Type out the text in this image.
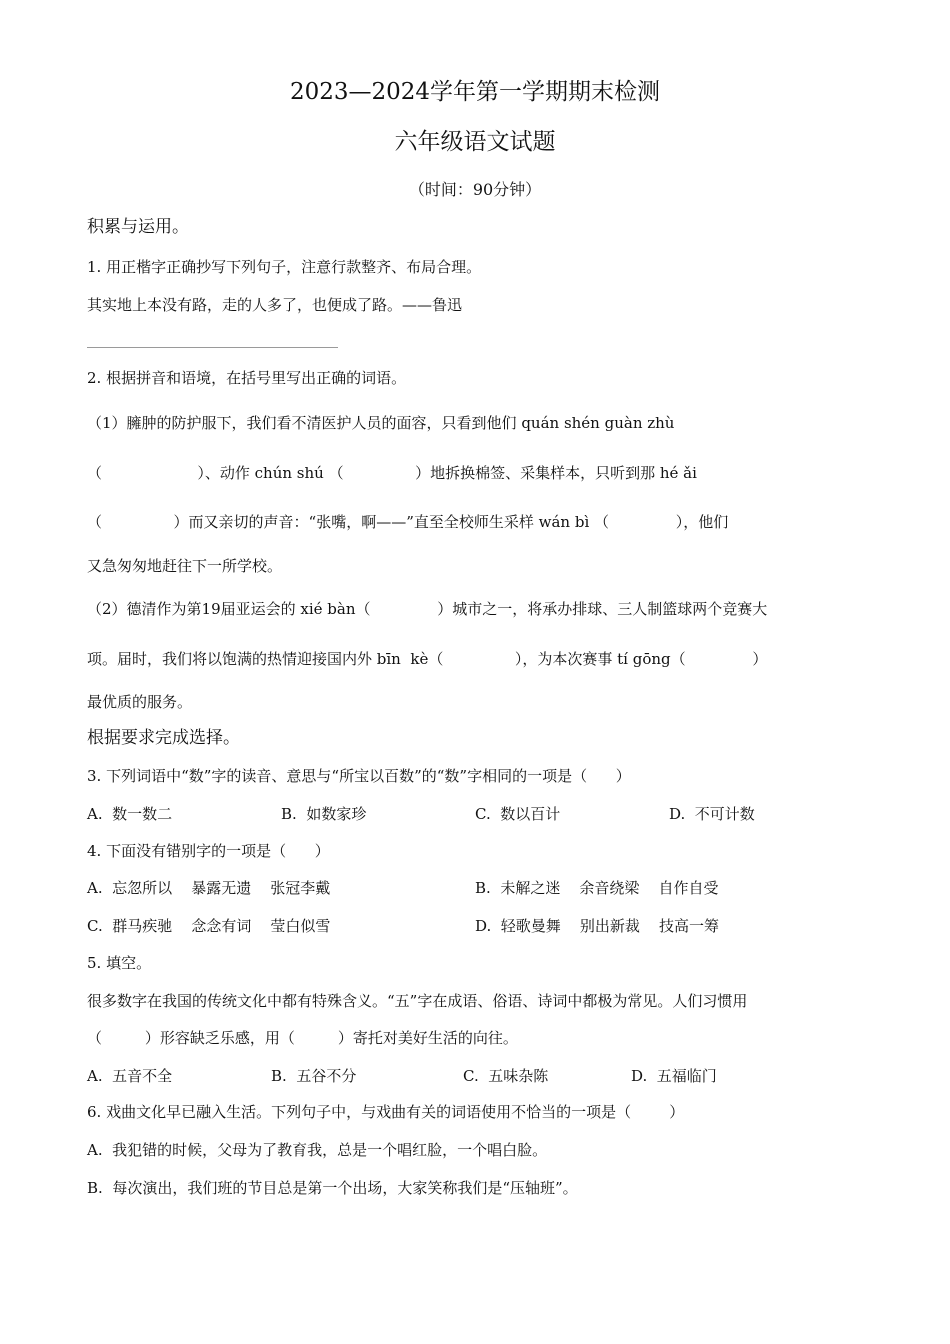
2023—2024学年第一学期期末检测
六年级语文试题
（时间：90分钟）
积累与运用。
1. 用正楷字正确抄写下列句子，注意行款整齐、布局合理。
其实地上本没有路，走的人多了，也便成了路。——鲁迅
2. 根据拼音和语境，在括号里写出正确的词语。
（1）臃肿的防护服下，我们看不清医护人员的面容，只看到他们 quán shén guàn zhù
（                    ）、动作 chún shú （               ）地拆换棉签、采集样本，只听到那 hé ǎi
（               ）而又亲切的声音：“张嘴，啊——”直至全校师生采样 wán bì （              ），他们
又急匆匆地赶往下一所学校。
（2）德清作为第19届亚运会的 xié bàn（              ）城市之一，将承办排球、三人制篮球两个竞赛大
项。届时，我们将以饱满的热情迎接国内外 bīn  kè（               ），为本次赛事 tí gōng（              ）
最优质的服务。
根据要求完成选择。
3. 下列词语中“数”字的读音、意思与“所宝以百数”的“数”字相同的一项是（      ）
A.  数一数二	B.  如数家珍	C.  数以百计	D.  不可计数
4. 下面没有错别字的一项是（      ）
A.  忘忽所以    暴露无遗    张冠李戴	B.  未解之迷    余音绕梁    自作自受
C.  群马疾驰    念念有词    莹白似雪	D.  轻歌曼舞    别出新裁    技高一筹
5. 填空。
很多数字在我国的传统文化中都有特殊含义。“五”字在成语、俗语、诗词中都极为常见。人们习惯用
（         ）形容缺乏乐感，用（         ）寄托对美好生活的向往。
A.  五音不全	B.  五谷不分	C.  五味杂陈	D.  五福临门
6. 戏曲文化早已融入生活。下列句子中，与戏曲有关的词语使用不恰当的一项是（        ）
A.  我犯错的时候，父母为了教育我，总是一个唱红脸，一个唱白脸。
B.  每次演出，我们班的节目总是第一个出场，大家笑称我们是“压轴班”。
